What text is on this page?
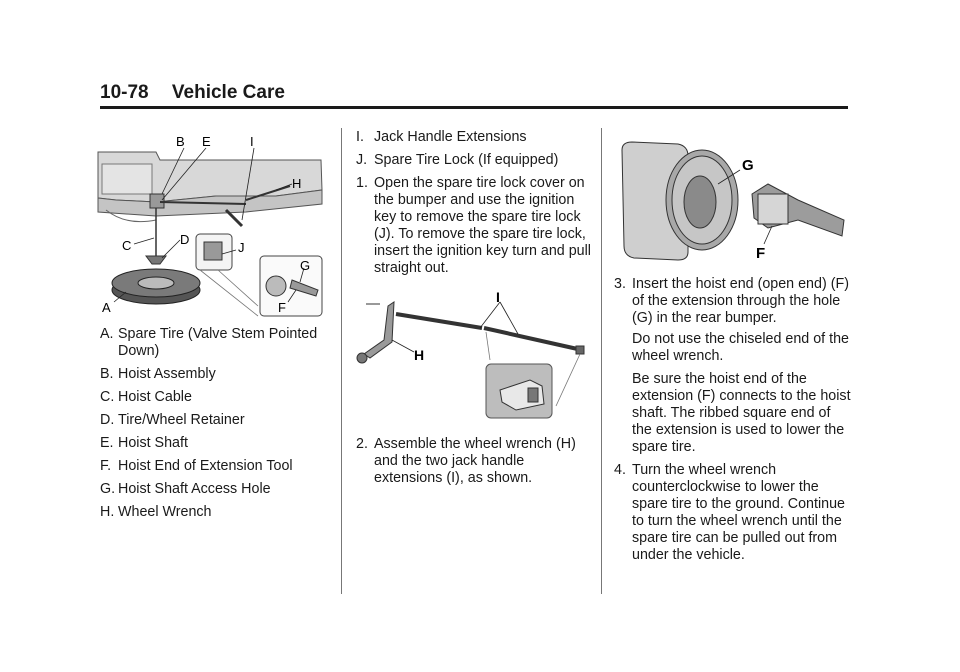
10-78 Vehicle Care
B E	I
H
C	D
A
J
G
F
A. Spare Tire (Valve Stem Pointed Down)
B. Hoist Assembly
C. Hoist Cable
D. Tire/Wheel Retainer
E. Hoist Shaft
F. Hoist End of Extension Tool
G. Hoist Shaft Access Hole
H. Wheel Wrench
I. Jack Handle Extensions
J. Spare Tire Lock (If equipped)
1. Open the spare tire lock cover on the bumper and use the ignition key to remove the spare tire lock (J). To remove the spare tire lock, insert the ignition key turn and pull straight out.
I
H
2. Assemble the wheel wrench (H) and the two jack handle extensions (I), as shown.
G
F
3. Insert the hoist end (open end) (F) of the extension through the hole (G) in the rear bumper.
Do not use the chiseled end of the wheel wrench.
Be sure the hoist end of the extension (F) connects to the hoist shaft. The ribbed square end of the extension is used to lower the spare tire.
4. Turn the wheel wrench counterclockwise to lower the spare tire to the ground. Continue to turn the wheel wrench until the spare tire can be pulled out from under the vehicle.
